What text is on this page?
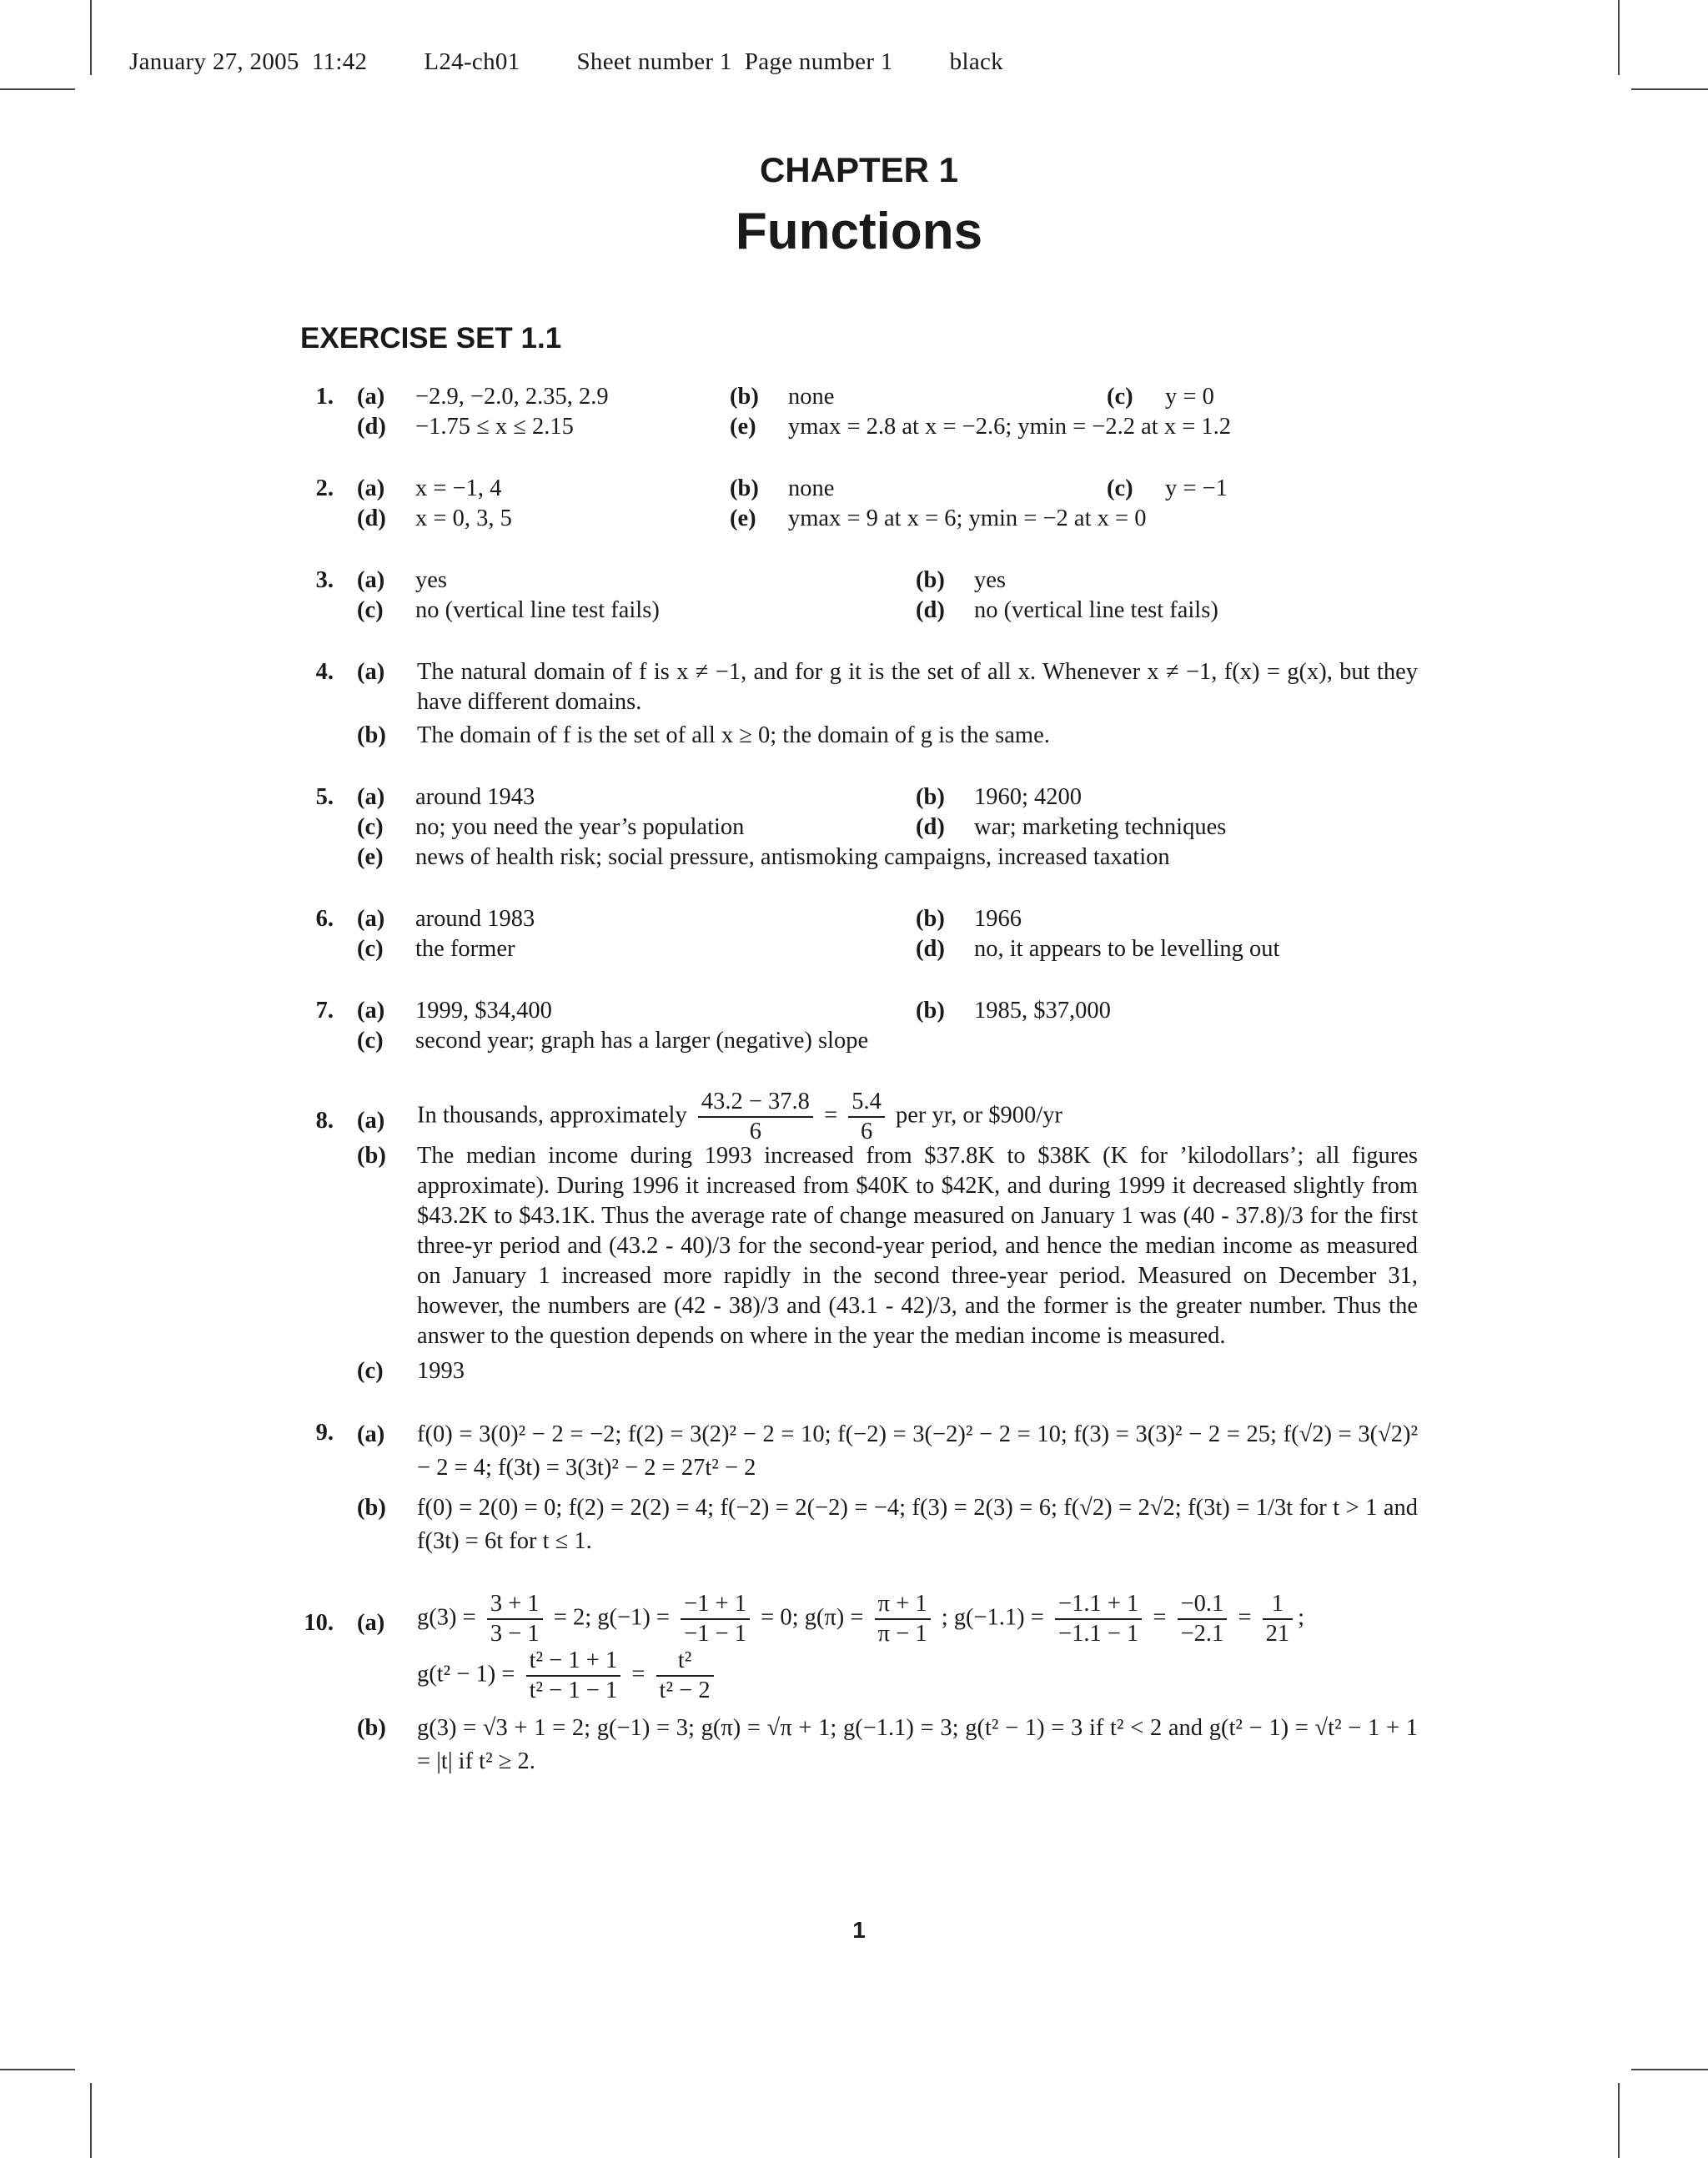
January 27, 2005  11:42 L24-ch01 Sheet number 1  Page number 1 black
CHAPTER 1
Functions
EXERCISE SET 1.1
1. (a) −2.9, −2.0, 2.35, 2.9	(b) none	(c) y = 0
(d) −1.75 ≤ x ≤ 2.15	(e) ymax = 2.8 at x = −2.6; ymin = −2.2 at x = 1.2
2. (a) x = −1, 4	(b) none	(c) y = −1
(d) x = 0, 3, 5	(e) ymax = 9 at x = 6; ymin = −2 at x = 0
3. (a) yes	(b) yes
(c) no (vertical line test fails)	(d) no (vertical line test fails)
4. (a)	The natural domain of f is x ≠ −1, and for g it is the set of all x. Whenever x ≠ −1, f(x) = g(x), but they have different domains.
(b)	The domain of f is the set of all x ≥ 0; the domain of g is the same.
5. (a) around 1943	(b) 1960; 4200
(c) no; you need the year’s population	(d) war; marketing techniques
(e) news of health risk; social pressure, antismoking campaigns, increased taxation
6. (a) around 1983	(b) 1966
(c) the former	(d) no, it appears to be levelling out
7. (a) 1999, $34,400	(b) 1985, $37,000
(c) second year; graph has a larger (negative) slope
8. (a)	In thousands, approximately $\frac{43.2 - 37.8}{6} = \frac{5.4}{6}$ per yr, or $900/yr
(b)	The median income during 1993 increased from $37.8K to $38K (K for ’kilodollars’; all figures approximate). During 1996 it increased from $40K to $42K, and during 1999 it decreased slightly from $43.2K to $43.1K. Thus the average rate of change measured on January 1 was (40 - 37.8)/3 for the first three-yr period and (43.2 - 40)/3 for the second-year period, and hence the median income as measured on January 1 increased more rapidly in the second three-year period. Measured on December 31, however, the numbers are (42 - 38)/3 and (43.1 - 42)/3, and the former is the greater number. Thus the answer to the question depends on where in the year the median income is measured.
(c)	1993
9. (a)	f(0) = 3(0)² − 2 = −2; f(2) = 3(2)² − 2 = 10; f(−2) = 3(−2)² − 2 = 10; f(3) = 3(3)² − 2 = 25; f(√2) = 3(√2)² − 2 = 4; f(3t) = 3(3t)² − 2 = 27t² − 2
(b)	f(0) = 2(0) = 0; f(2) = 2(2) = 4; f(−2) = 2(−2) = −4; f(3) = 2(3) = 6; f(√2) = 2√2; f(3t) = 1/3t for t > 1 and f(3t) = 6t for t ≤ 1.
10. (a)	$g(3) = \frac{3 + 1}{3 - 1} = 2$; $g(-1) = \frac{-1 + 1}{-1 - 1} = 0$; $g(\pi) = \frac{\pi + 1}{\pi - 1}$ ; $g(-1.1) = \frac{-1.1 + 1}{-1.1 - 1} = \frac{-0.1}{-2.1} = \frac{1}{21}$ ;
$g(t^2 - 1) = \frac{\text{t² − 1 + 1}}{\text{t² − 1 − 1}} = \frac{\text{t²}}{\text{t² − 2}}$
(b)	g(3) = √3 + 1 = 2; g(−1) = 3; g(π) = √π + 1; g(−1.1) = 3; g(t² − 1) = 3 if t² < 2 and g(t² − 1) = √t² − 1 + 1 = |t| if t² ≥ 2.
1
